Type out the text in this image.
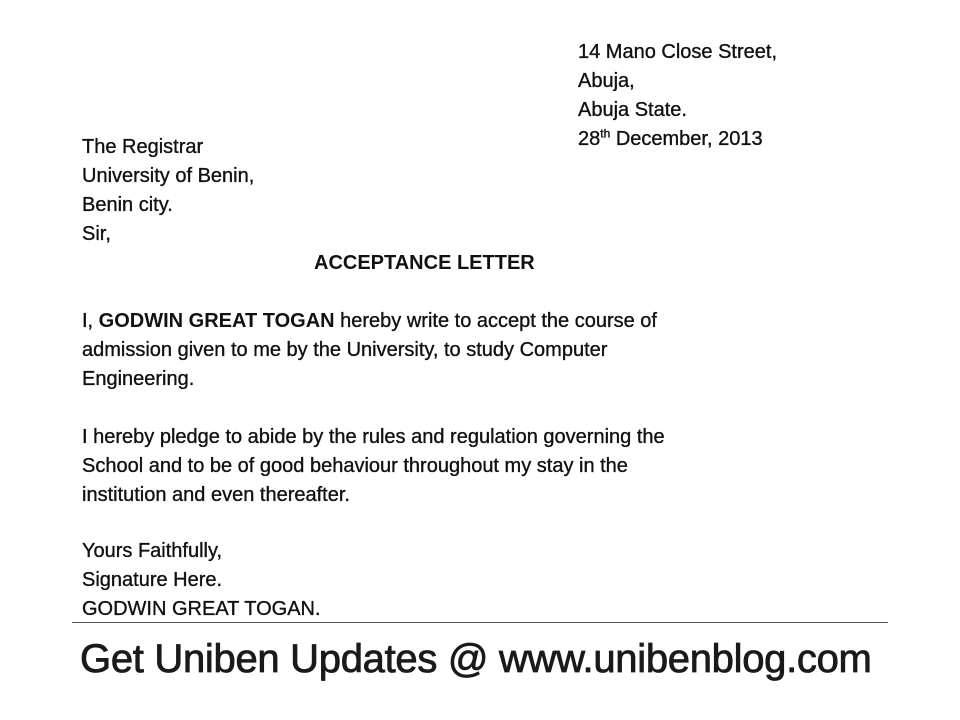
14 Mano Close Street,
Abuja,
Abuja State.
28th December, 2013
The Registrar
University of Benin,
Benin city.
Sir,
ACCEPTANCE LETTER
I, GODWIN GREAT TOGAN hereby write to accept the course of
admission given to me by the University, to study Computer
Engineering.
I hereby pledge to abide by the rules and regulation governing the
School and to be of good behaviour throughout my stay in the
institution and even thereafter.
Yours Faithfully,
Signature Here.
GODWIN GREAT TOGAN.
Get Uniben Updates @ www.unibenblog.com
